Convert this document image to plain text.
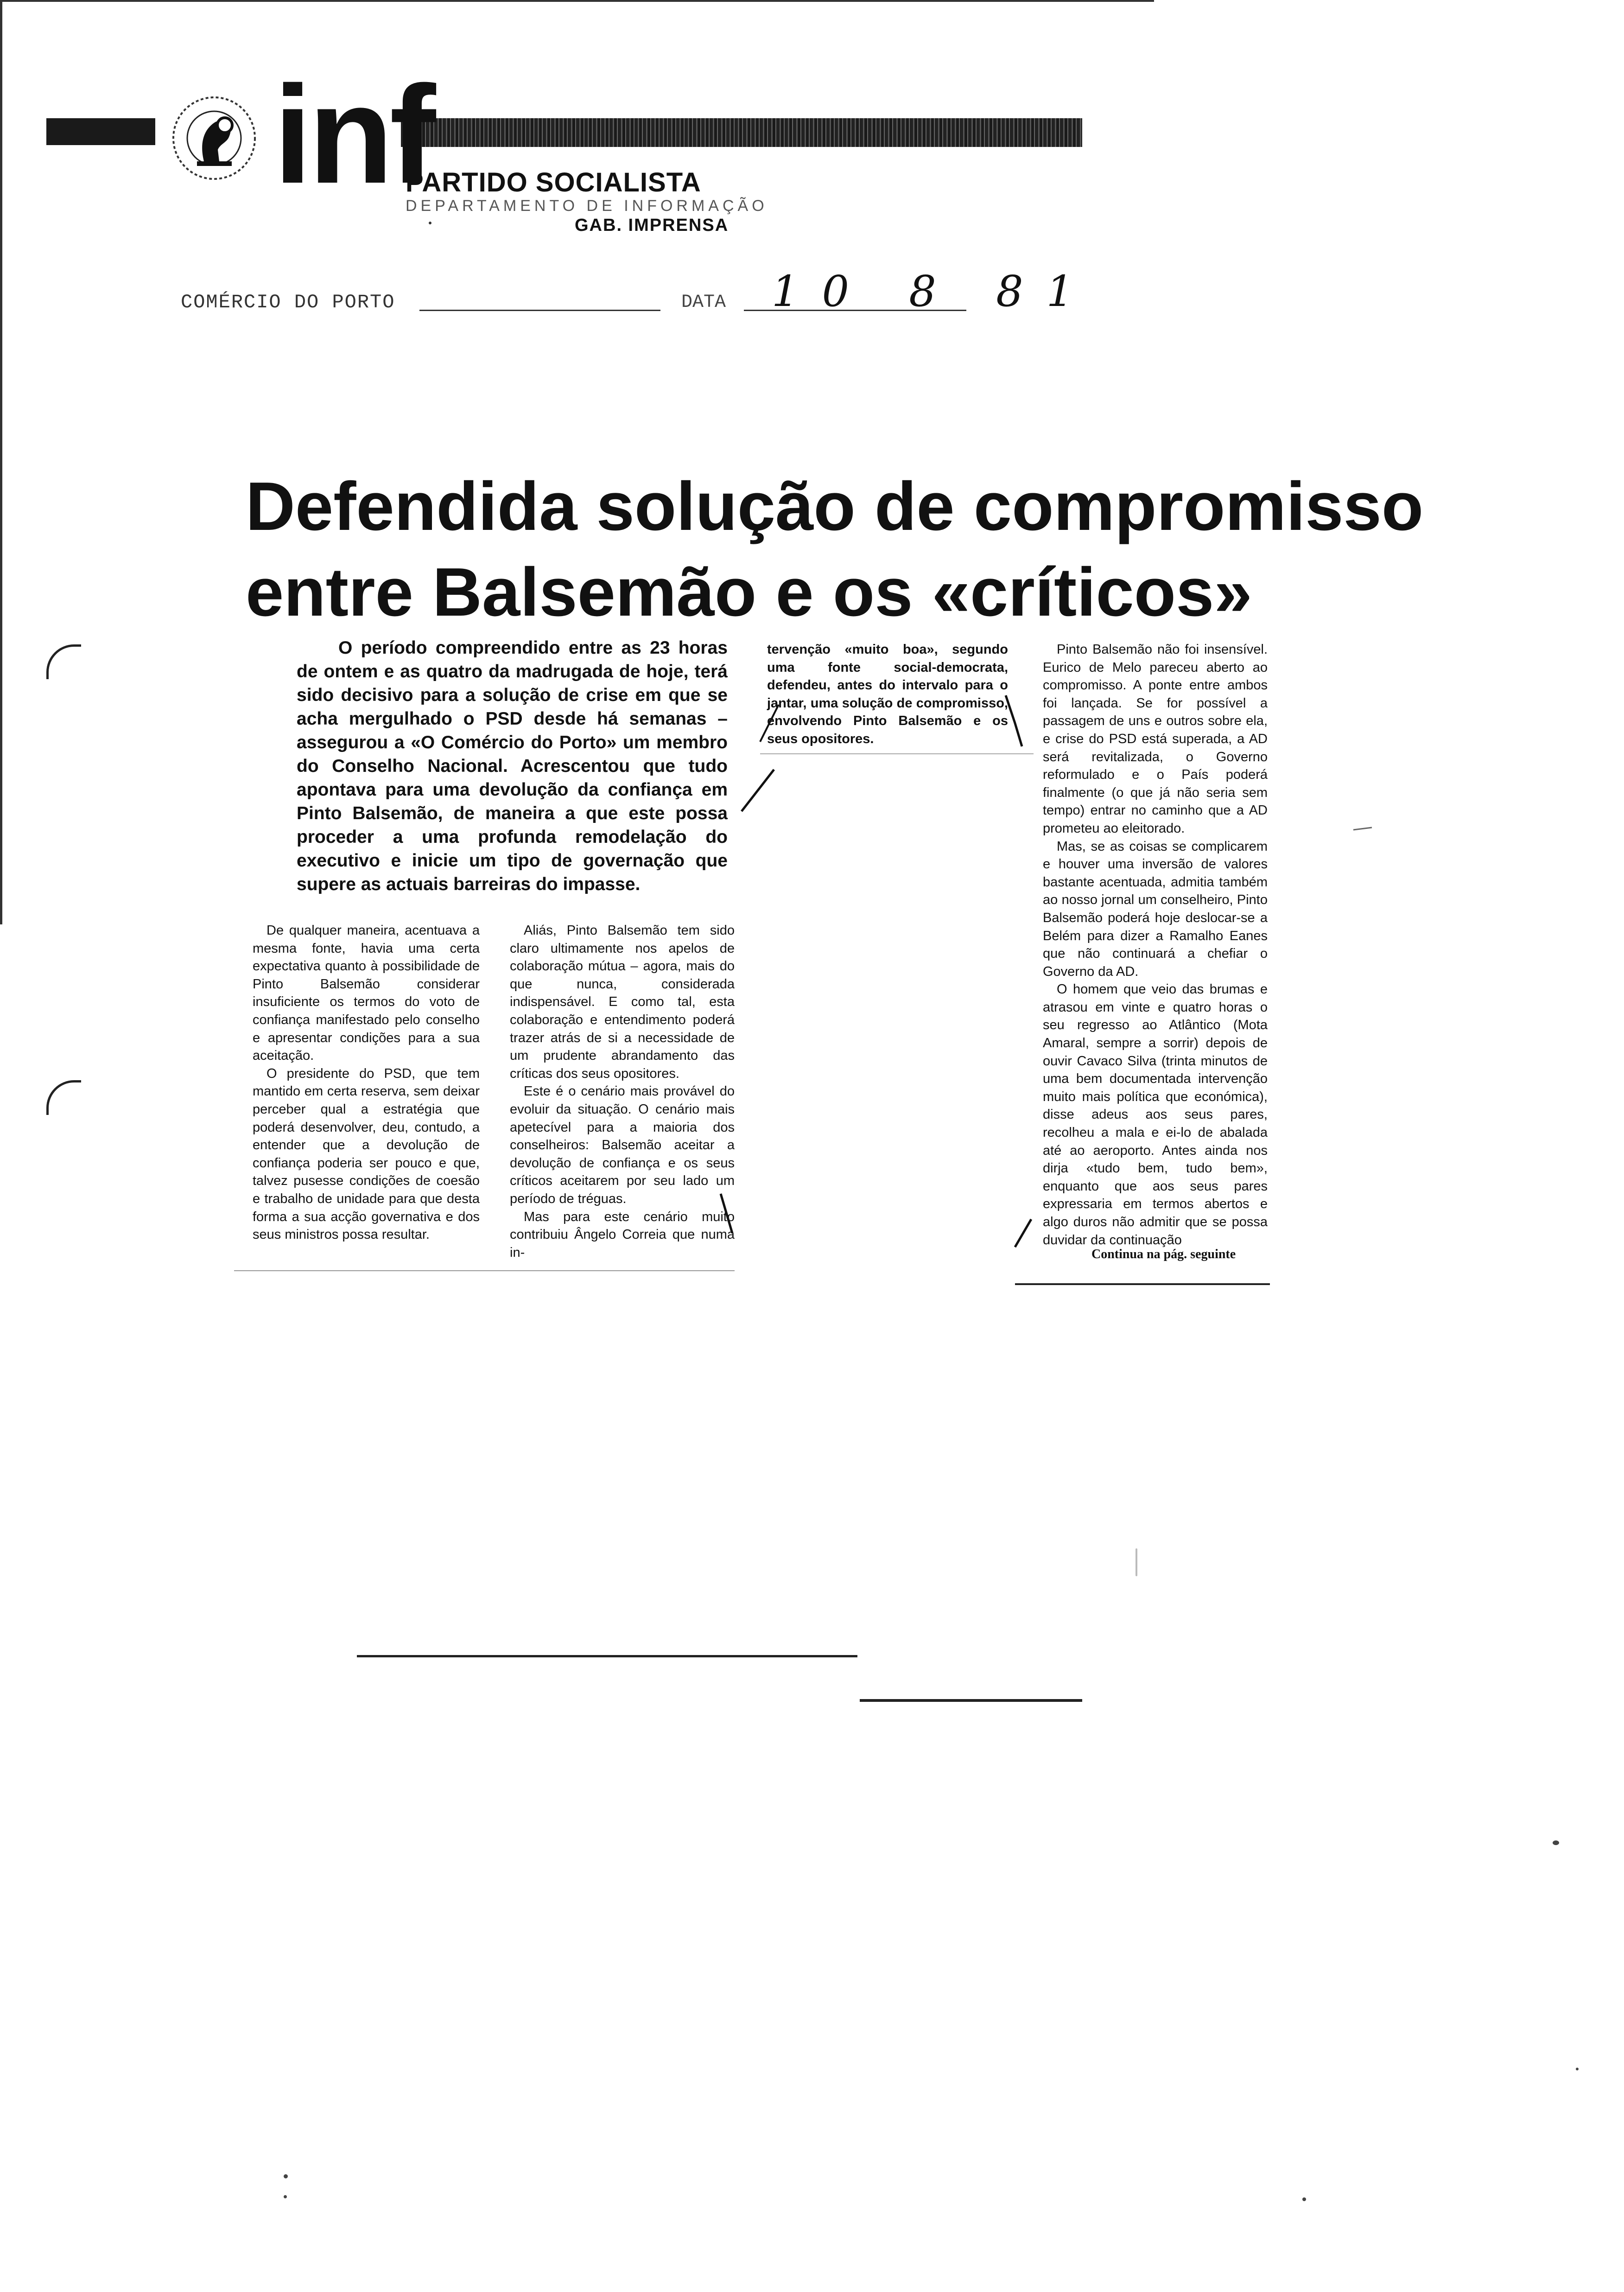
inf
PARTIDO SOCIALISTA
DEPARTAMENTO DE INFORMAÇÃO
GAB. IMPRENSA
COMÉRCIO DO PORTO	DATA 10 8 81
Defendida solução de compromisso
entre Balsemão e os «críticos»

O período compreendido entre as 23 horas de ontem e as quatro da madrugada de hoje, terá sido decisivo para a solução de crise em que se acha mergulhado o PSD desde há semanas – assegurou a «O Comércio do Porto» um membro do Conselho Nacional. Acrescentou que tudo apontava para uma devolução da confiança em Pinto Balsemão, de maneira a que este possa proceder a uma profunda remodelação do executivo e inicie um tipo de governação que supere as actuais barreiras do impasse.

De qualquer maneira, acentuava a mesma fonte, havia uma certa expectativa quanto à possibilidade de Pinto Balsemão considerar insuficiente os termos do voto de confiança manifestado pelo conselho e apresentar condições para a sua aceitação.

O presidente do PSD, que tem mantido em certa reserva, sem deixar perceber qual a estratégia que poderá desenvolver, deu, contudo, a entender que a devolução de confiança poderia ser pouco e que, talvez pusesse condições de coesão e trabalho de unidade para que desta forma a sua acção governativa e dos seus ministros possa resultar.

Aliás, Pinto Balsemão tem sido claro ultimamente nos apelos de colaboração mútua – agora, mais do que nunca, considerada indispensável. E como tal, esta colaboração e entendimento poderá trazer atrás de si a necessidade de um prudente abrandamento das críticas dos seus opositores.

Este é o cenário mais provável do evoluir da situação. O cenário mais apetecível para a maioria dos conselheiros: Balsemão aceitar a devolução de confiança e os seus críticos aceitarem por seu lado um período de tréguas.

Mas para este cenário muito contribuiu Ângelo Correia que numa in-

tervenção «muito boa», segundo uma fonte social-democrata, defendeu, antes do intervalo para o jantar, uma solução de compromisso, envolvendo Pinto Balsemão e os seus opositores.

Pinto Balsemão não foi insensível. Eurico de Melo pareceu aberto ao compromisso. A ponte entre ambos foi lançada. Se for possível a passagem de uns e outros sobre ela, e crise do PSD está superada, a AD será revitalizada, o Governo reformulado e o País poderá finalmente (o que já não seria sem tempo) entrar no caminho que a AD prometeu ao eleitorado.

Mas, se as coisas se complicarem e houver uma inversão de valores bastante acentuada, admitia também ao nosso jornal um conselheiro, Pinto Balsemão poderá hoje deslocar-se a Belém para dizer a Ramalho Eanes que não continuará a chefiar o Governo da AD.

O homem que veio das brumas e atrasou em vinte e quatro horas o seu regresso ao Atlântico (Mota Amaral, sempre a sorrir) depois de ouvir Cavaco Silva (trinta minutos de uma bem documentada intervenção muito mais política que económica), disse adeus aos seus pares, recolheu a mala e ei-lo de abalada até ao aeroporto. Antes ainda nos dirja «tudo bem, tudo bem», enquanto que aos seus pares expressaria em termos abertos e algo duros não admitir que se possa duvidar da continuação

Continua na pág. seguinte
